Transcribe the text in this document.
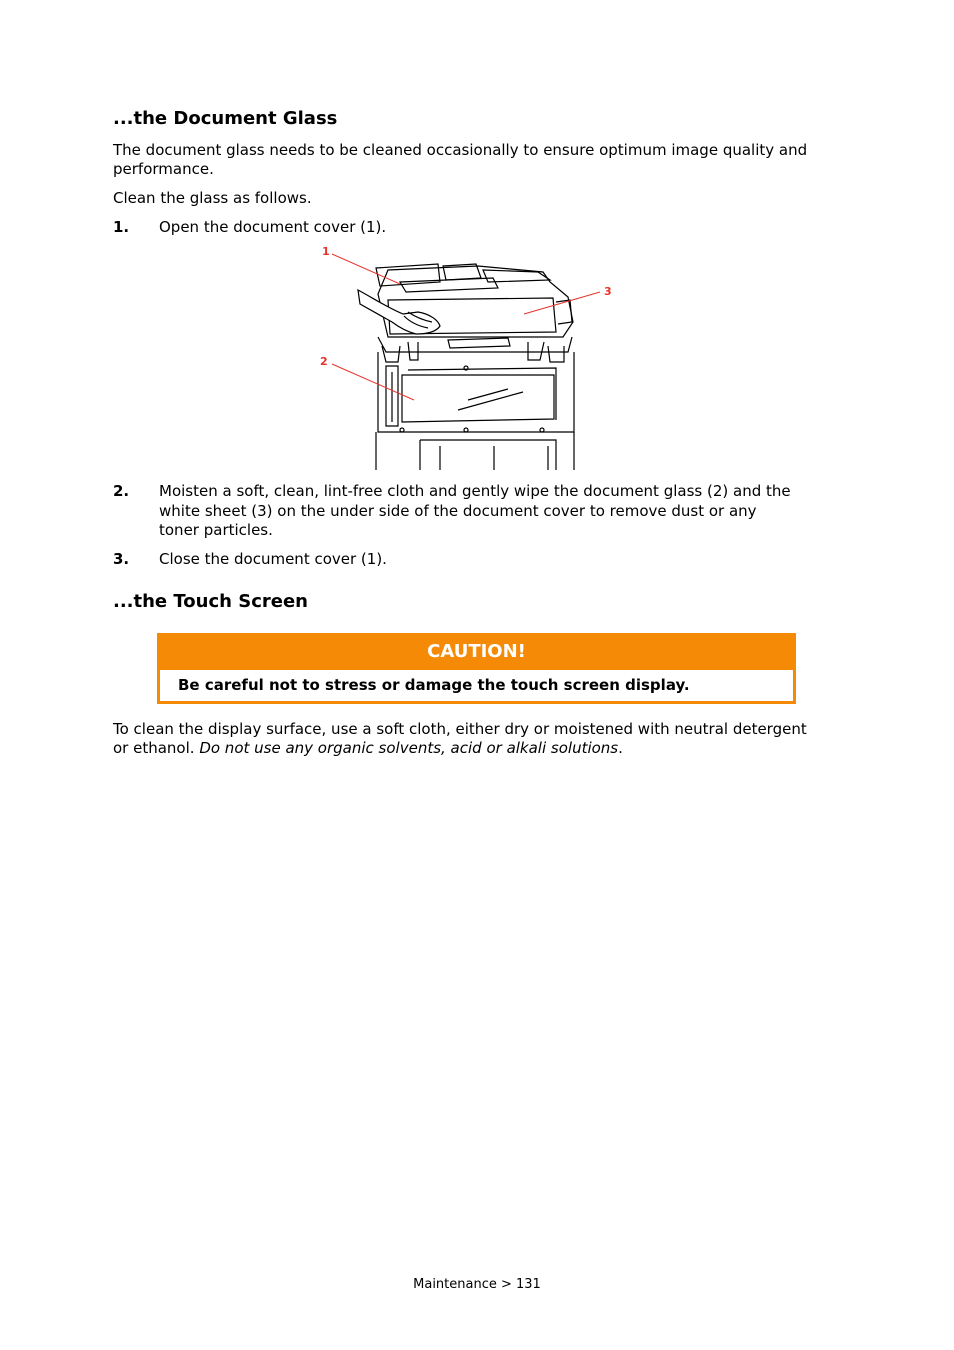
...the Document Glass

The document glass needs to be cleaned occasionally to ensure optimum image quality and

performance.

Clean the glass as follows.

1. Open the document cover (1).
1
2
3
2. Moisten a soft, clean, lint-free cloth and gently wipe the document glass (2) and the
white sheet (3) on the under side of the document cover to remove dust or any
toner particles.
3. Close the document cover (1).
...the Touch Screen
CAUTION!
Be careful not to stress or damage the touch screen display.

To clean the display surface, use a soft cloth, either dry or moistened with neutral detergent

or ethanol. Do not use any organic solvents, acid or alkali solutions.

Maintenance > 131
